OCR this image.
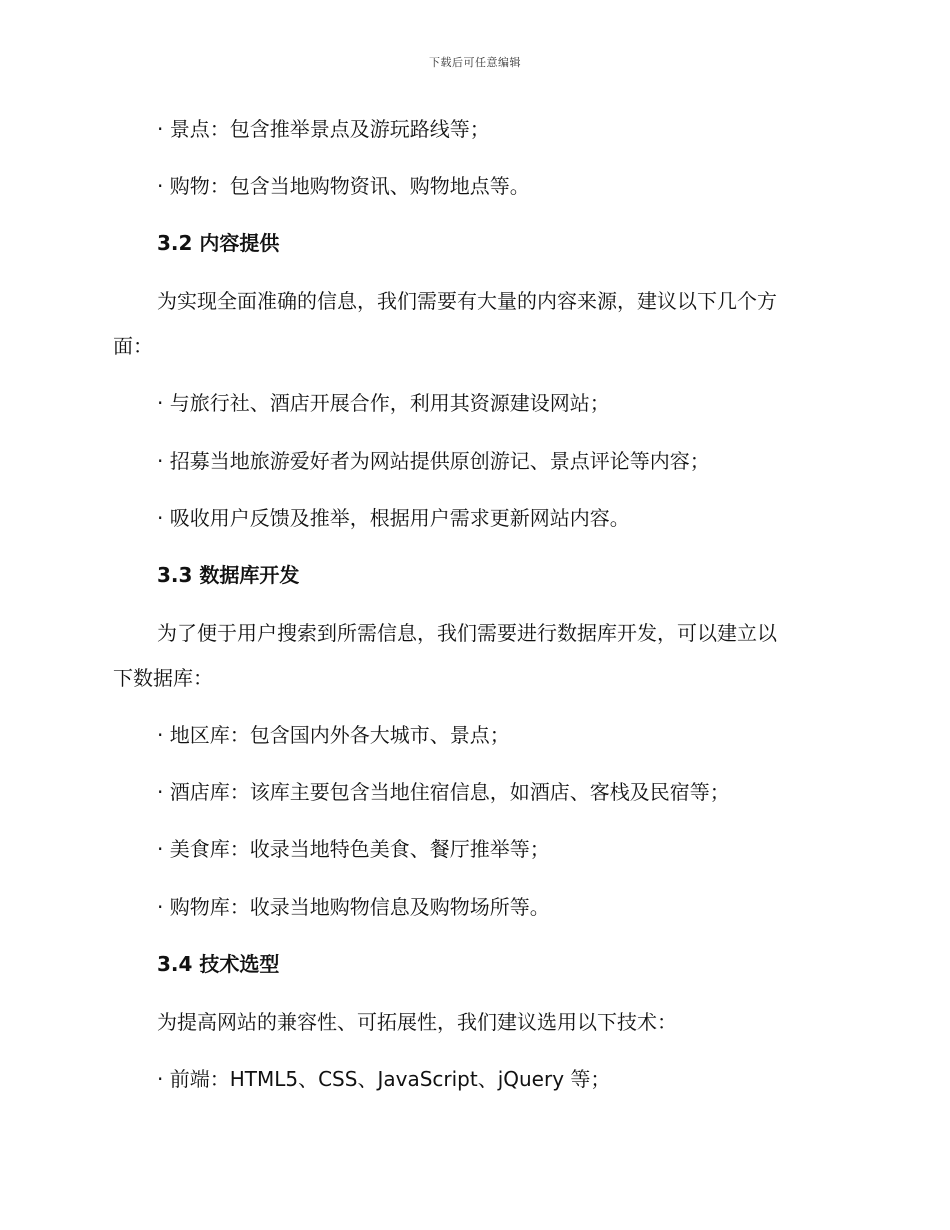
下载后可任意编辑
· 景点：包含推举景点及游玩路线等；
· 购物：包含当地购物资讯、购物地点等。
3.2 内容提供
为实现全面准确的信息，我们需要有大量的内容来源，建议以下几个方
面：
· 与旅行社、酒店开展合作，利用其资源建设网站；
· 招募当地旅游爱好者为网站提供原创游记、景点评论等内容；
· 吸收用户反馈及推举，根据用户需求更新网站内容。
3.3 数据库开发
为了便于用户搜索到所需信息，我们需要进行数据库开发，可以建立以
下数据库：
· 地区库：包含国内外各大城市、景点；
· 酒店库：该库主要包含当地住宿信息，如酒店、客栈及民宿等；
· 美食库：收录当地特色美食、餐厅推举等；
· 购物库：收录当地购物信息及购物场所等。
3.4 技术选型
为提高网站的兼容性、可拓展性，我们建议选用以下技术：
· 前端：HTML5、CSS、JavaScript、jQuery 等；
